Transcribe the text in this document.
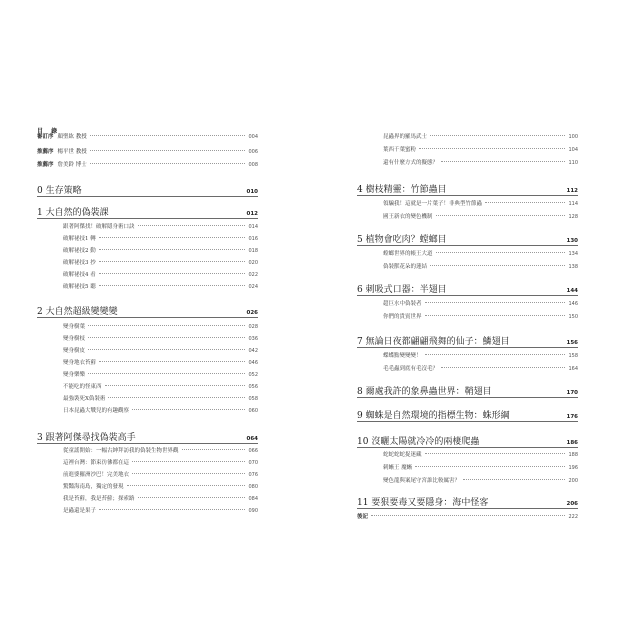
目 錄
審訂序 顏聖紘 教授	004
推薦序 楊平世 教授	006
推薦序 詹美鈴 博士	008
0 生存策略	010
1 大自然的偽裝課	012
跟著阿傑找！破解隱身術口訣	014
破解祕技1 轉	016
破解祕技2 動	018
破解祕技3 抄	020
破解祕技4 看	022
破解祕技5 聽	024
2 大自然超級變變變	026
變身樹葉	028
變身樹枝	036
變身樹皮	042
變身地衣苔蘚	046
變身樂樂	052
不能吃的怪東西	056
最強裝死X偽裝術	058
日本昆蟲大戰兒的有趣觀察	060
3 跟著阿傑尋找偽裝高手	064
從童謠開始：一幅古紳拜訪我的偽裝生物世界觀	066
這裡台灣：節束彷彿都在這	070
前進婆羅洲沙巴！完美地衣	076
驚豔海南島，獨定的發現	080
我是苔蘚，我是苔蘚；探索路	084
是蟲還是果子	090
昆蟲界的羅馬武士	100
葉西千葉蜜粉	104
還有什麼方式的擬態？	110
4 樹枝精靈：竹節蟲目	112
領騙我！這就是一片葉子！非典型竹節蟲	114
國王新衣的變色機制	128
5 植物會吃肉？螳螂目	130
螳螂世界的帳王大道	134
偽裝獸花朵的蓮結	138
6 刺吸式口器：半翅目	144
超巨水中偽裝者	146
你們的貴賓世界	150
7 無論日夜都翩翩飛舞的仙子：鱗翅目	156
蝶蝶點變變變！	158
毛毛蟲到底有毛沒毛？	164
8 爾處我許的象鼻蟲世界：鞘翅目	170
9 蜘蛛是自然環境的指標生物：蛛形綱	176
10 沒曬太陽就冷冷的兩棲爬蟲	186
蛇蛇蛇蛇捉迷藏	188
刺蜥王 魔蜥	196
變色龍與案尾守宮誰比較厲害？	200
11 要狠要毒又要隱身：海中怪客	206
後記	222
